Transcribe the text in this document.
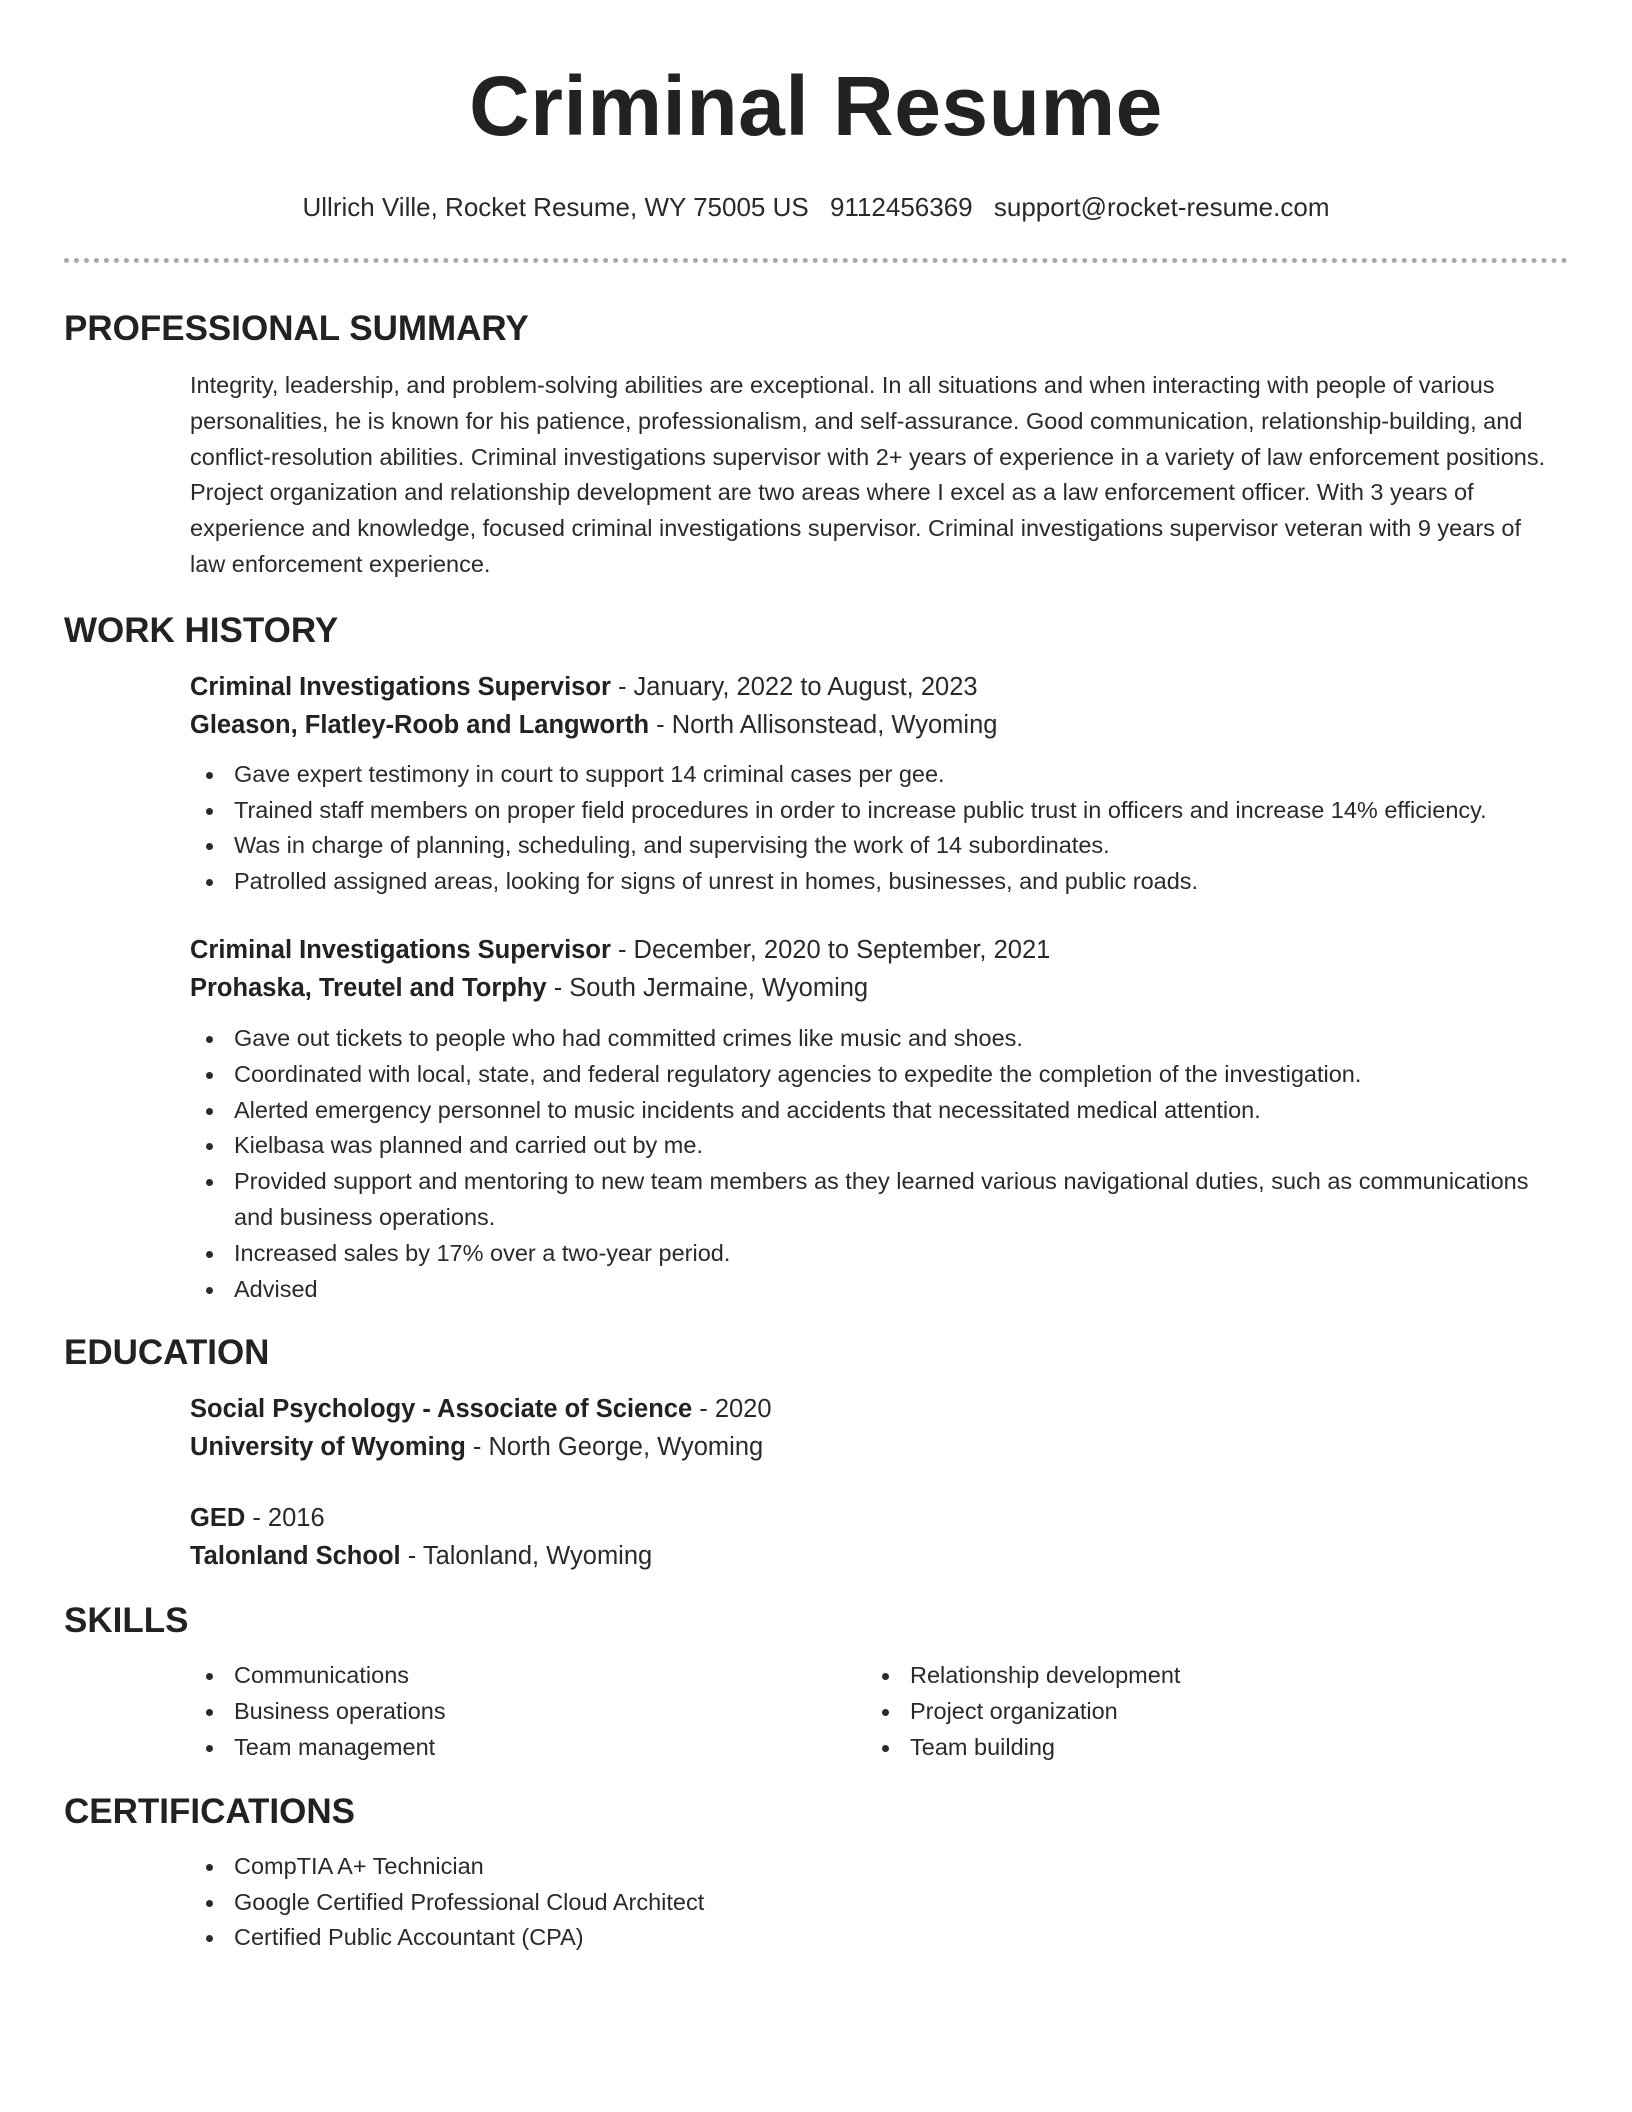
Criminal Resume
Ullrich Ville, Rocket Resume, WY 75005 US 9112456369 support@rocket-resume.com
PROFESSIONAL SUMMARY

Integrity, leadership, and problem-solving abilities are exceptional. In all situations and when interacting with people of various personalities, he is known for his patience, professionalism, and self-assurance. Good communication, relationship-building, and conflict-resolution abilities. Criminal investigations supervisor with 2+ years of experience in a variety of law enforcement positions. Project organization and relationship development are two areas where I excel as a law enforcement officer. With 3 years of experience and knowledge, focused criminal investigations supervisor. Criminal investigations supervisor veteran with 9 years of law enforcement experience.

WORK HISTORY
Criminal Investigations Supervisor - January, 2022 to August, 2023
Gleason, Flatley-Roob and Langworth - North Allisonstead, Wyoming
Gave expert testimony in court to support 14 criminal cases per gee.
Trained staff members on proper field procedures in order to increase public trust in officers and increase 14% efficiency.
Was in charge of planning, scheduling, and supervising the work of 14 subordinates.
Patrolled assigned areas, looking for signs of unrest in homes, businesses, and public roads.
Criminal Investigations Supervisor - December, 2020 to September, 2021
Prohaska, Treutel and Torphy - South Jermaine, Wyoming
Gave out tickets to people who had committed crimes like music and shoes.
Coordinated with local, state, and federal regulatory agencies to expedite the completion of the investigation.
Alerted emergency personnel to music incidents and accidents that necessitated medical attention.
Kielbasa was planned and carried out by me.
Provided support and mentoring to new team members as they learned various navigational duties, such as communications and business operations.
Increased sales by 17% over a two-year period.
Advised
EDUCATION
Social Psychology - Associate of Science - 2020
University of Wyoming - North George, Wyoming
GED - 2016
Talonland School - Talonland, Wyoming
SKILLS
Communications
Business operations
Team management
Relationship development
Project organization
Team building
CERTIFICATIONS
CompTIA A+ Technician
Google Certified Professional Cloud Architect
Certified Public Accountant (CPA)
